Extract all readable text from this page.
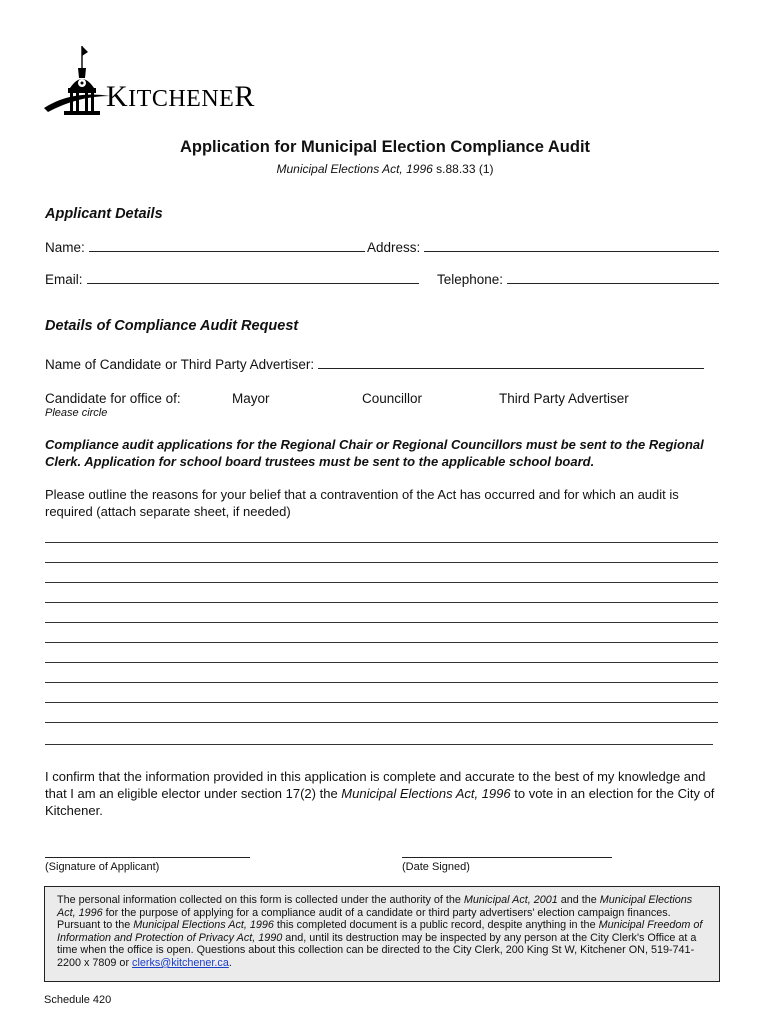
KITCHENER
Application for Municipal Election Compliance Audit
Municipal Elections Act, 1996 s.88.33 (1)
Applicant Details
Name:	Address:
Email:	Telephone:
Details of Compliance Audit Request
Name of Candidate or Third Party Advertiser:
Candidate for office of:
Please circle
Mayor	Councillor	Third Party Advertiser
Compliance audit applications for the Regional Chair or Regional Councillors must be sent to the Regional Clerk. Application for school board trustees must be sent to the applicable school board.
Please outline the reasons for your belief that a contravention of the Act has occurred and for which an audit is required (attach separate sheet, if needed)
I confirm that the information provided in this application is complete and accurate to the best of my knowledge and that I am an eligible elector under section 17(2) the Municipal Elections Act, 1996 to vote in an election for the City of Kitchener.
(Signature of Applicant)	(Date Signed)
The personal information collected on this form is collected under the authority of the Municipal Act, 2001 and the Municipal Elections Act, 1996 for the purpose of applying for a compliance audit of a candidate or third party advertisers' election campaign finances. Pursuant to the Municipal Elections Act, 1996 this completed document is a public record, despite anything in the Municipal Freedom of Information and Protection of Privacy Act, 1990 and, until its destruction may be inspected by any person at the City Clerk's Office at a time when the office is open. Questions about this collection can be directed to the City Clerk, 200 King St W, Kitchener ON, 519-741-2200 x 7809 or clerks@kitchener.ca.
Schedule 420
